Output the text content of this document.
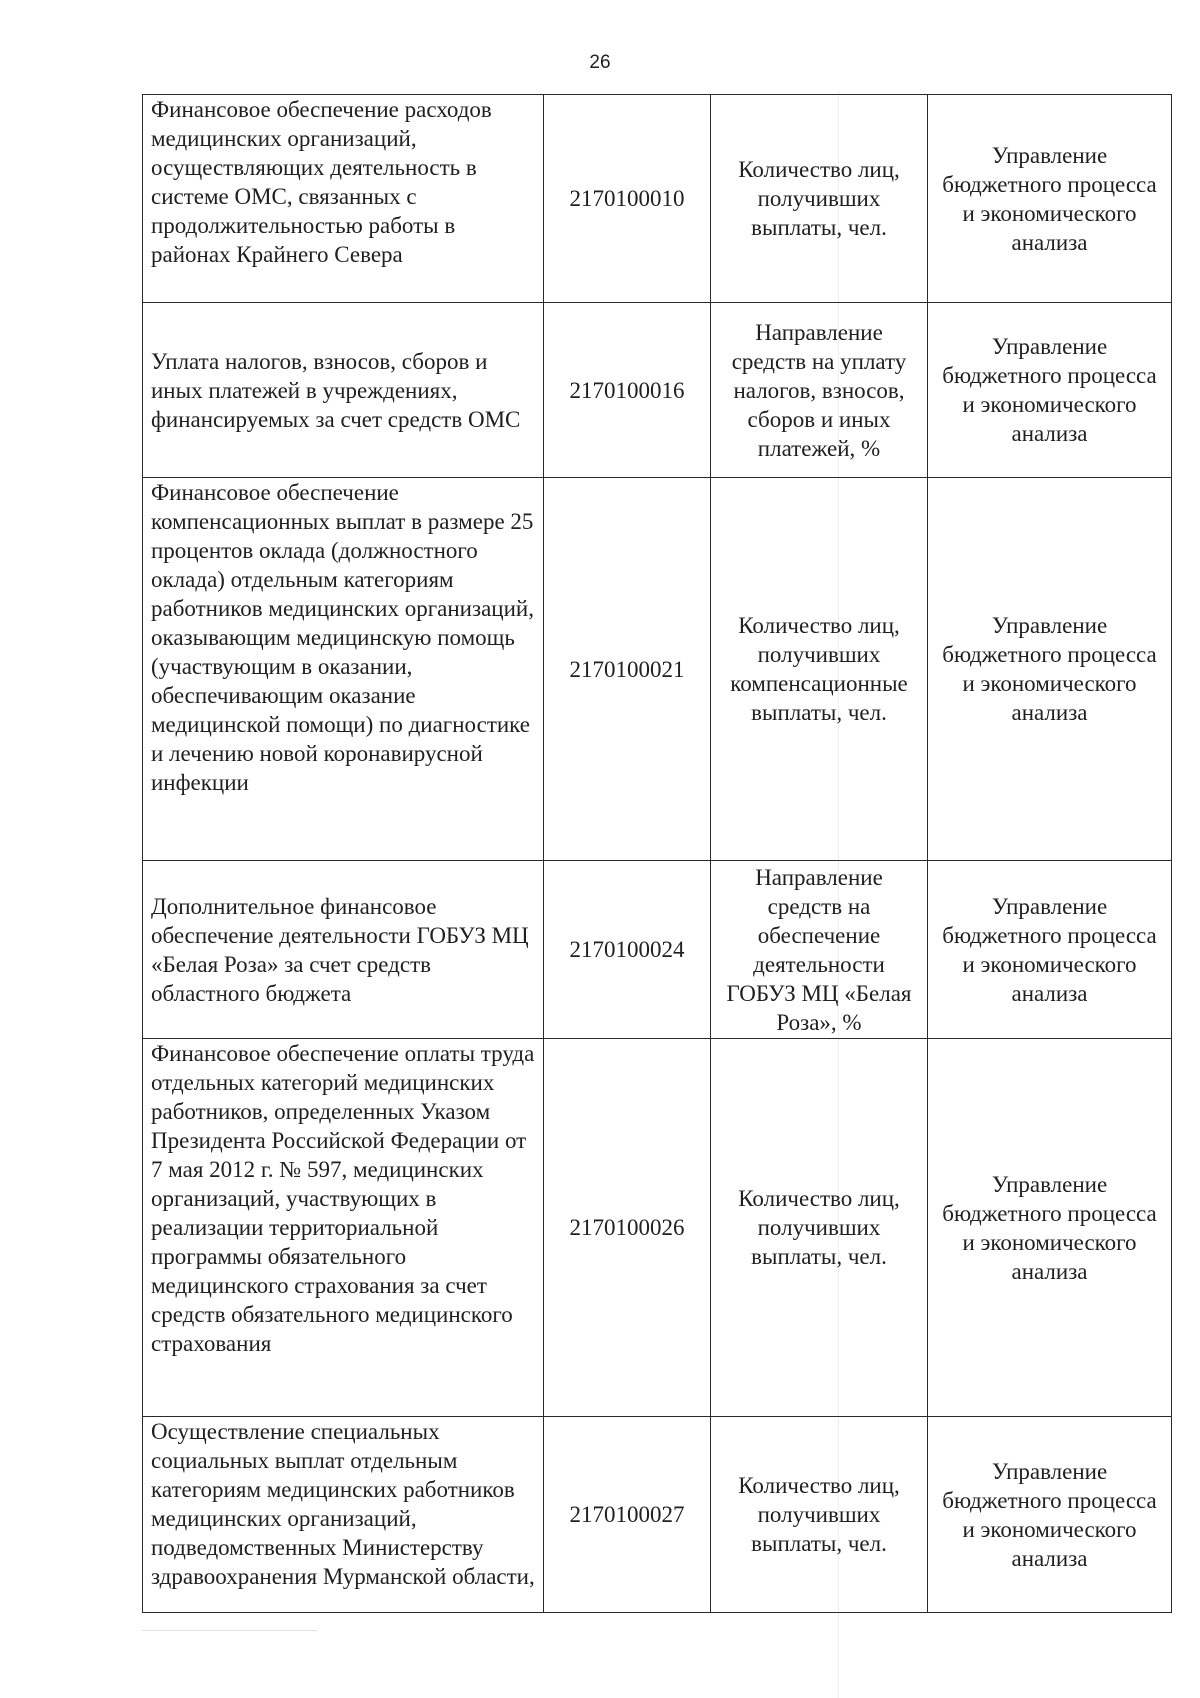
26
Финансовое обеспечение расходов медицинских организаций, осуществляющих деятельность в системе ОМС, связанных с продолжительностью работы в районах Крайнего Севера	2170100010	Количество лиц, получивших выплаты, чел.	Управление бюджетного процесса и экономического анализа
Уплата налогов, взносов, сборов и иных платежей в учреждениях, финансируемых за счет средств ОМС	2170100016	Направление средств на уплату налогов, взносов, сборов и иных платежей, %	Управление бюджетного процесса и экономического анализа
Финансовое обеспечение компенсационных выплат в размере 25 процентов оклада (должностного оклада) отдельным категориям работников медицинских организаций, оказывающим медицинскую помощь (участвующим в оказании, обеспечивающим оказание медицинской помощи) по диагностике и лечению новой коронавирусной инфекции	2170100021	Количество лиц, получивших компенсационные выплаты, чел.	Управление бюджетного процесса и экономического анализа
Дополнительное финансовое обеспечение деятельности ГОБУЗ МЦ «Белая Роза» за счет средств областного бюджета	2170100024	Направление средств на обеспечение деятельности ГОБУЗ МЦ «Белая Роза», %	Управление бюджетного процесса и экономического анализа
Финансовое обеспечение оплаты труда отдельных категорий медицинских работников, определенных Указом Президента Российской Федерации от 7 мая 2012 г. № 597, медицинских организаций, участвующих в реализации территориальной программы обязательного медицинского страхования за счет средств обязательного медицинского страхования	2170100026	Количество лиц, получивших выплаты, чел.	Управление бюджетного процесса и экономического анализа
Осуществление специальных социальных выплат отдельным категориям медицинских работников медицинских организаций, подведомственных Министерству здравоохранения Мурманской области,	2170100027	Количество лиц, получивших выплаты, чел.	Управление бюджетного процесса и экономического анализа
